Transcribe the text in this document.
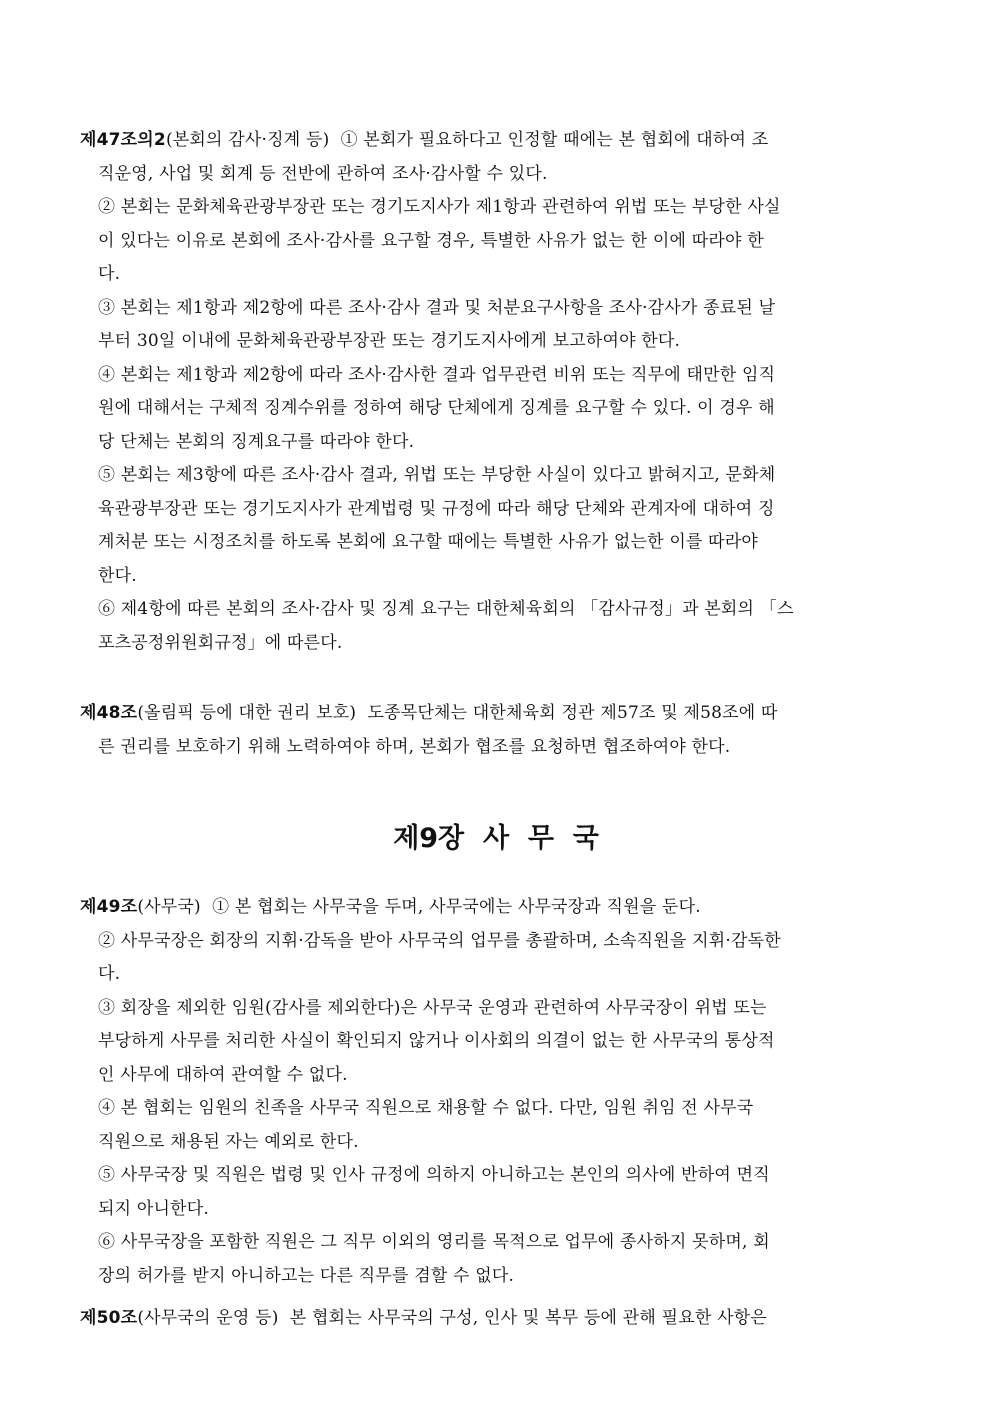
제47조의2(본회의 감사·징계 등) ① 본회가 필요하다고 인정할 때에는 본 협회에 대하여 조
직운영, 사업 및 회계 등 전반에 관하여 조사·감사할 수 있다.
② 본회는 문화체육관광부장관 또는 경기도지사가 제1항과 관련하여 위법 또는 부당한 사실
이 있다는 이유로 본회에 조사·감사를 요구할 경우, 특별한 사유가 없는 한 이에 따라야 한
다.
③ 본회는 제1항과 제2항에 따른 조사·감사 결과 및 처분요구사항을 조사·감사가 종료된 날
부터 30일 이내에 문화체육관광부장관 또는 경기도지사에게 보고하여야 한다.
④ 본회는 제1항과 제2항에 따라 조사·감사한 결과 업무관련 비위 또는 직무에 태만한 임직
원에 대해서는 구체적 징계수위를 정하여 해당 단체에게 징계를 요구할 수 있다. 이 경우 해
당 단체는 본회의 징계요구를 따라야 한다.
⑤ 본회는 제3항에 따른 조사·감사 결과, 위법 또는 부당한 사실이 있다고 밝혀지고, 문화체
육관광부장관 또는 경기도지사가 관계법령 및 규정에 따라 해당 단체와 관계자에 대하여 징
계처분 또는 시정조치를 하도록 본회에 요구할 때에는 특별한 사유가 없는한 이를 따라야
한다.
⑥ 제4항에 따른 본회의 조사·감사 및 징계 요구는 대한체육회의 「감사규정」과 본회의 「스
포츠공정위원회규정」에 따른다.
제48조(올림픽 등에 대한 권리 보호) 도종목단체는 대한체육회 정관 제57조 및 제58조에 따
른 권리를 보호하기 위해 노력하여야 하며, 본회가 협조를 요청하면 협조하여야 한다.
제9장  사  무  국
제49조(사무국) ① 본 협회는 사무국을 두며, 사무국에는 사무국장과 직원을 둔다.
② 사무국장은 회장의 지휘·감독을 받아 사무국의 업무를 총괄하며, 소속직원을 지휘·감독한
다.
③ 회장을 제외한 임원(감사를 제외한다)은 사무국 운영과 관련하여 사무국장이 위법 또는
부당하게 사무를 처리한 사실이 확인되지 않거나 이사회의 의결이 없는 한 사무국의 통상적
인 사무에 대하여 관여할 수 없다.
④ 본 협회는 임원의 친족을 사무국 직원으로 채용할 수 없다. 다만, 임원 취임 전 사무국
직원으로 채용된 자는 예외로 한다.
⑤ 사무국장 및 직원은 법령 및 인사 규정에 의하지 아니하고는 본인의 의사에 반하여 면직
되지 아니한다.
⑥ 사무국장을 포함한 직원은 그 직무 이외의 영리를 목적으로 업무에 종사하지 못하며, 회
장의 허가를 받지 아니하고는 다른 직무를 겸할 수 없다.
제50조(사무국의 운영 등) 본 협회는 사무국의 구성, 인사 및 복무 등에 관해 필요한 사항은
